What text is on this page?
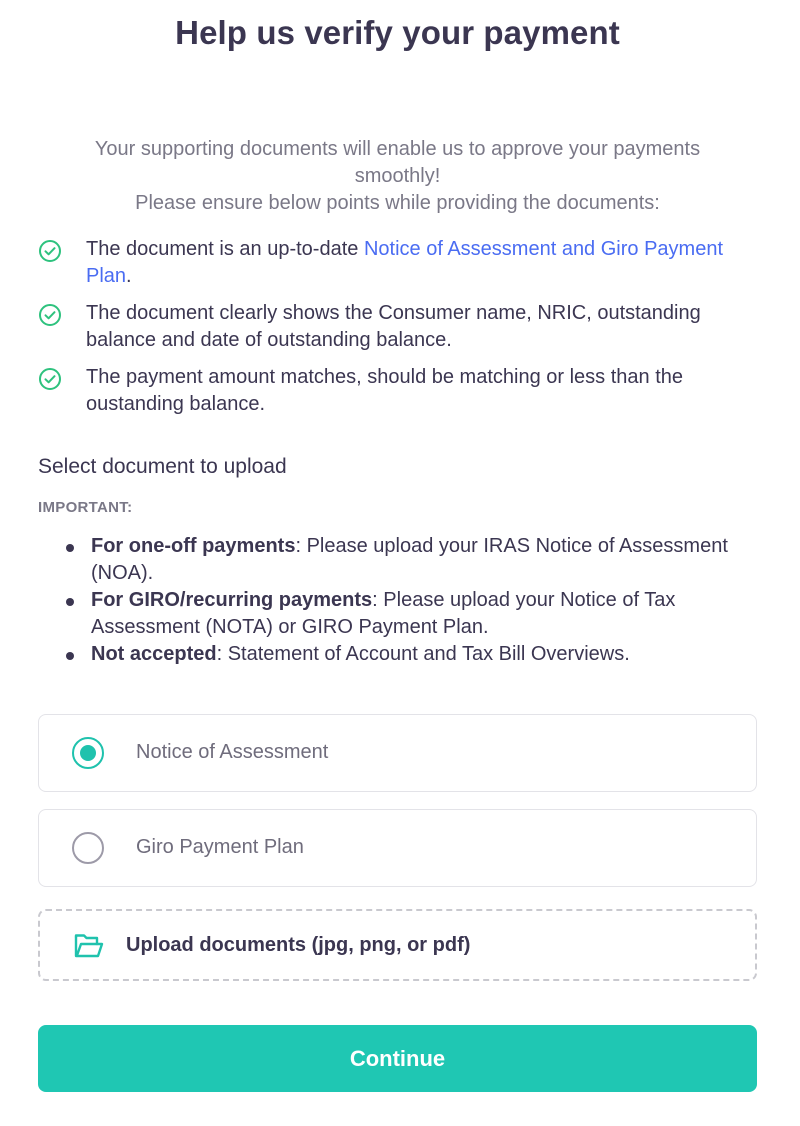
Help us verify your payment
Your supporting documents will enable us to approve your payments smoothly!
Please ensure below points while providing the documents:
The document is an up-to-date Notice of Assessment and Giro Payment Plan.
The document clearly shows the Consumer name, NRIC, outstanding balance and date of outstanding balance.
The payment amount matches, should be matching or less than the oustanding balance.
Select document to upload
IMPORTANT:
For one-off payments: Please upload your IRAS Notice of Assessment (NOA).
For GIRO/recurring payments: Please upload your Notice of Tax Assessment (NOTA) or GIRO Payment Plan.
Not accepted: Statement of Account and Tax Bill Overviews.
Notice of Assessment
Giro Payment Plan
Upload documents (jpg, png, or pdf)
Continue
